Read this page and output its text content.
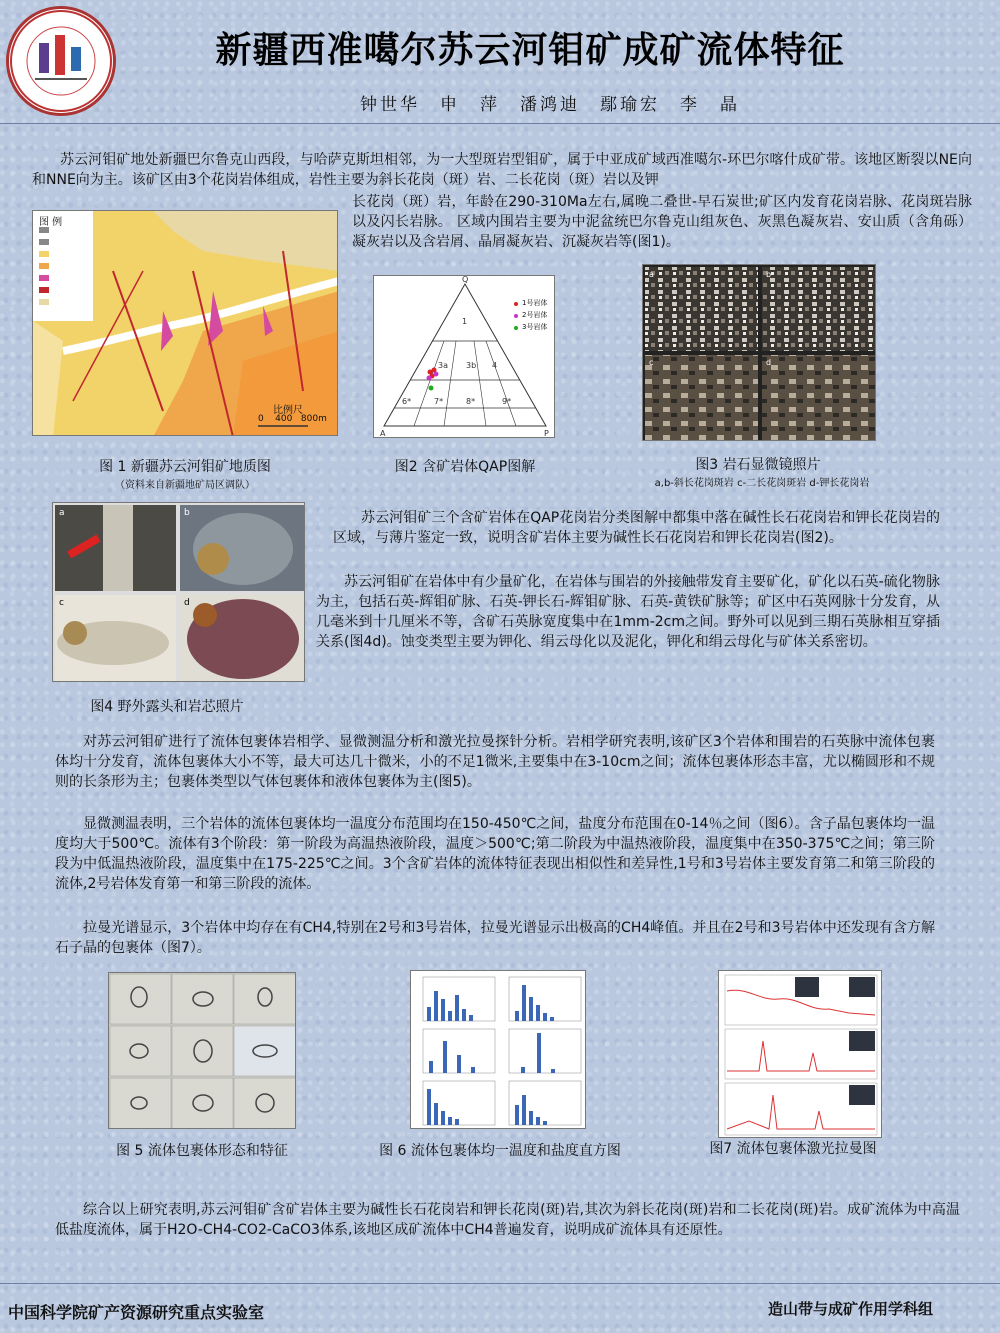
新疆西准噶尔苏云河钼矿成矿流体特征
钟世华　申　萍　潘鸿迪　鄢瑜宏　李　晶
苏云河钼矿地处新疆巴尔鲁克山西段，与哈萨克斯坦相邻，为一大型斑岩型钼矿，属于中亚成矿域西准噶尔-环巴尔喀什成矿带。该地区断裂以NE向和NNE向为主。该矿区由3个花岗岩体组成，岩性主要为斜长花岗（斑）岩、二长花岗（斑）岩以及钾
长花岗（斑）岩，年龄在290-310Ma左右,属晚二叠世-早石炭世;矿区内发育花岗岩脉、花岗斑岩脉以及闪长岩脉。 区域内围岩主要为中泥盆统巴尔鲁克山组灰色、灰黑色凝灰岩、安山质（含角砾）凝灰岩以及含岩屑、晶屑凝灰岩、沉凝灰岩等(图1)。
图 例
比例尺
0    400   800m
1
3a 3b 4
6*	7*	8*	9*
A	P
Q
1号岩体
2号岩体
3号岩体
a	b
c	d
图 1 新疆苏云河钼矿地质图
（资料来自新疆地矿局区调队）
图2 含矿岩体QAP图解	图3 岩石显微镜照片
a,b-斜长花岗斑岩 c-二长花岗斑岩 d-钾长花岗岩
a	b
c	d
图4 野外露头和岩芯照片
苏云河钼矿三个含矿岩体在QAP花岗岩分类图解中都集中落在碱性长石花岗岩和钾长花岗岩的区域，与薄片鉴定一致，说明含矿岩体主要为碱性长石花岗岩和钾长花岗岩(图2)。
苏云河钼矿在岩体中有少量矿化，在岩体与围岩的外接触带发育主要矿化，矿化以石英-硫化物脉为主，包括石英-辉钼矿脉、石英-钾长石-辉钼矿脉、石英-黄铁矿脉等；矿区中石英网脉十分发育，从几毫米到十几厘米不等，含矿石英脉宽度集中在1mm-2cm之间。野外可以见到三期石英脉相互穿插关系(图4d)。蚀变类型主要为钾化、绢云母化以及泥化，钾化和绢云母化与矿体关系密切。
对苏云河钼矿进行了流体包裹体岩相学、显微测温分析和激光拉曼探针分析。岩相学研究表明,该矿区3个岩体和围岩的石英脉中流体包裹体均十分发育，流体包裹体大小不等，最大可达几十微米，小的不足1微米,主要集中在3-10cm之间；流体包裹体形态丰富，尤以椭圆形和不规则的长条形为主；包裹体类型以气体包裹体和液体包裹体为主(图5)。
显微测温表明，三个岩体的流体包裹体均一温度分布范围均在150-450℃之间，盐度分布范围在0-14％之间（图6）。含子晶包裹体均一温度均大于500℃。流体有3个阶段：第一阶段为高温热液阶段，温度＞500℃;第二阶段为中温热液阶段，温度集中在350-375℃之间；第三阶段为中低温热液阶段，温度集中在175-225℃之间。3个含矿岩体的流体特征表现出相似性和差异性,1号和3号岩体主要发育第二和第三阶段的流体,2号岩体发育第一和第三阶段的流体。
拉曼光谱显示，3个岩体中均存在有CH4,特别在2号和3号岩体，拉曼光谱显示出极高的CH4峰值。并且在2号和3号岩体中还发现有含方解石子晶的包裹体（图7）。
图 5 流体包裹体形态和特征	图 6 流体包裹体均一温度和盐度直方图	图7 流体包裹体激光拉曼图
综合以上研究表明,苏云河钼矿含矿岩体主要为碱性长石花岗岩和钾长花岗(斑)岩,其次为斜长花岗(斑)岩和二长花岗(斑)岩。成矿流体为中高温低盐度流体，属于H2O-CH4-CO2-CaCO3体系,该地区成矿流体中CH4普遍发育，说明成矿流体具有还原性。
中国科学院矿产资源研究重点实验室	造山带与成矿作用学科组
